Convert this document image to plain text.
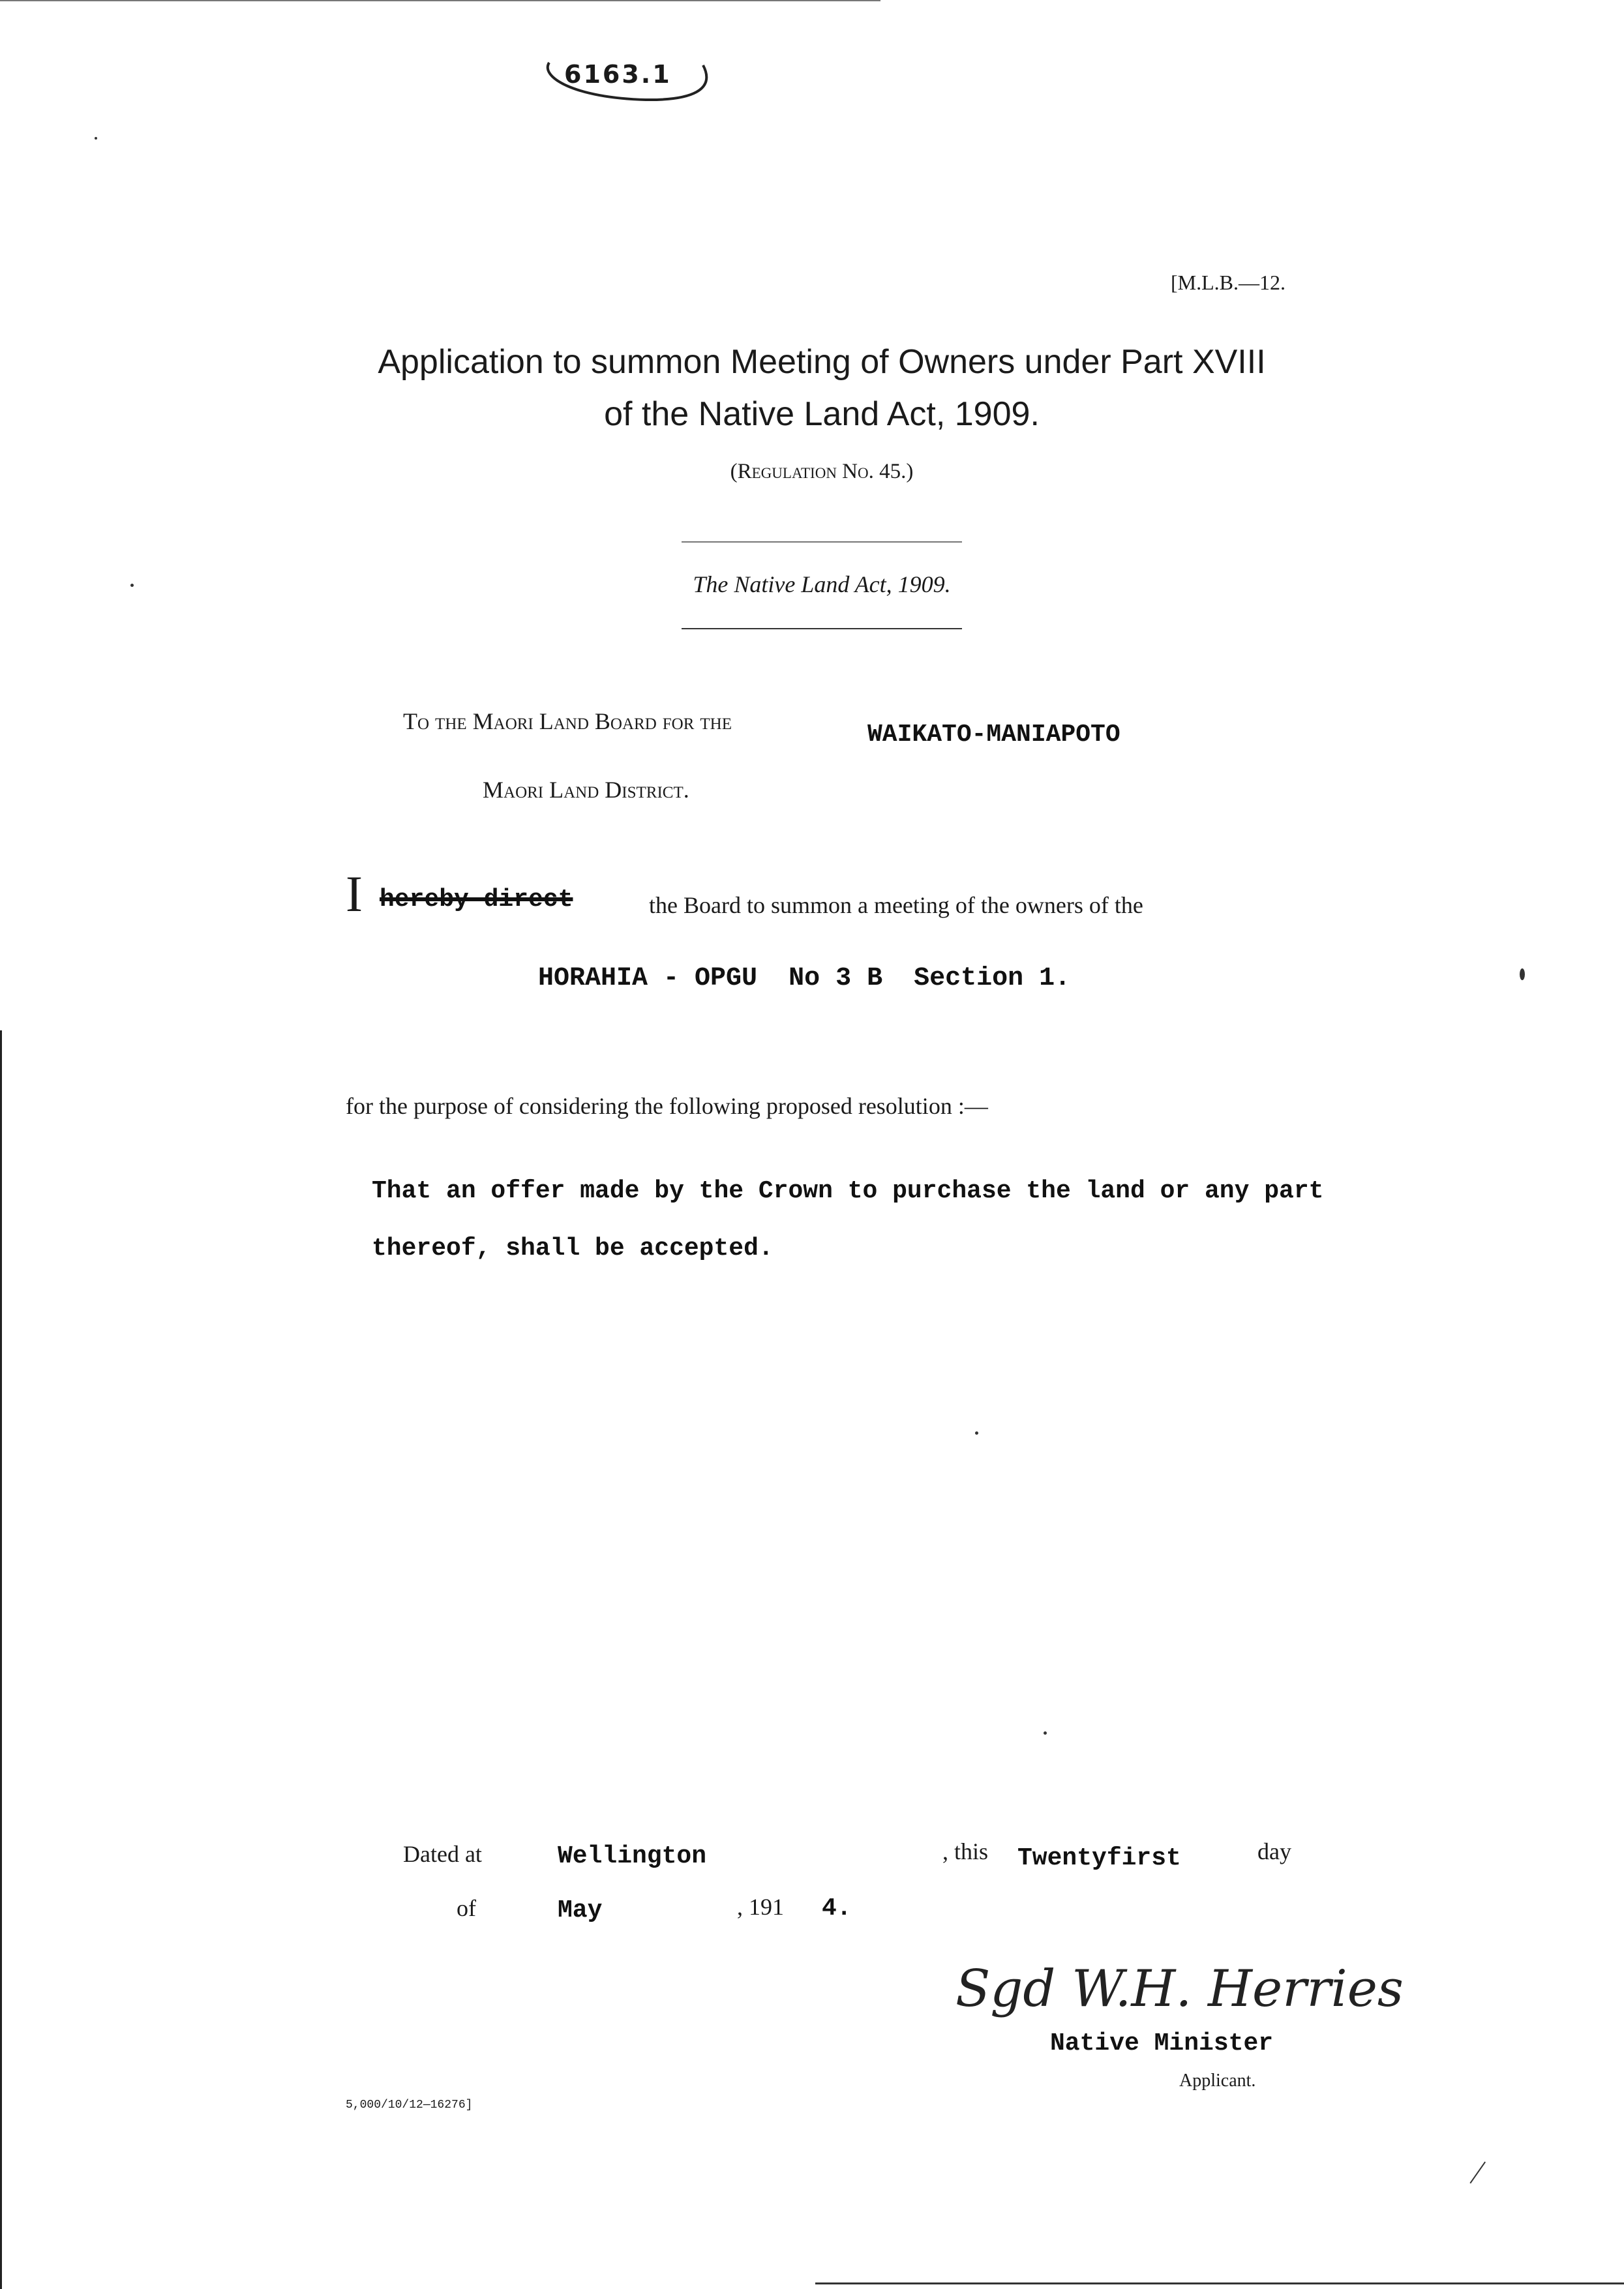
6163.1
[M.L.B.—12.
Application to summon Meeting of Owners under Part XVIII
of the Native Land Act, 1909.
(Regulation No. 45.)
The Native Land Act, 1909.
To the Maori Land Board for the	WAIKATO-MANIAPOTO
Maori Land District.
I hereby direct	the Board to summon a meeting of the owners of the
HORAHIA - OPGU  No 3 B  Section 1.
for the purpose of considering the following proposed resolution :—
That an offer made by the Crown to purchase the land or any part
thereof, shall be accepted.
Dated at	Wellington	, this Twentyfirst	day
of	May	, 191 4.
Sgd W.H. Herries
Native Minister
Applicant.
5,000/10/12—16276]
